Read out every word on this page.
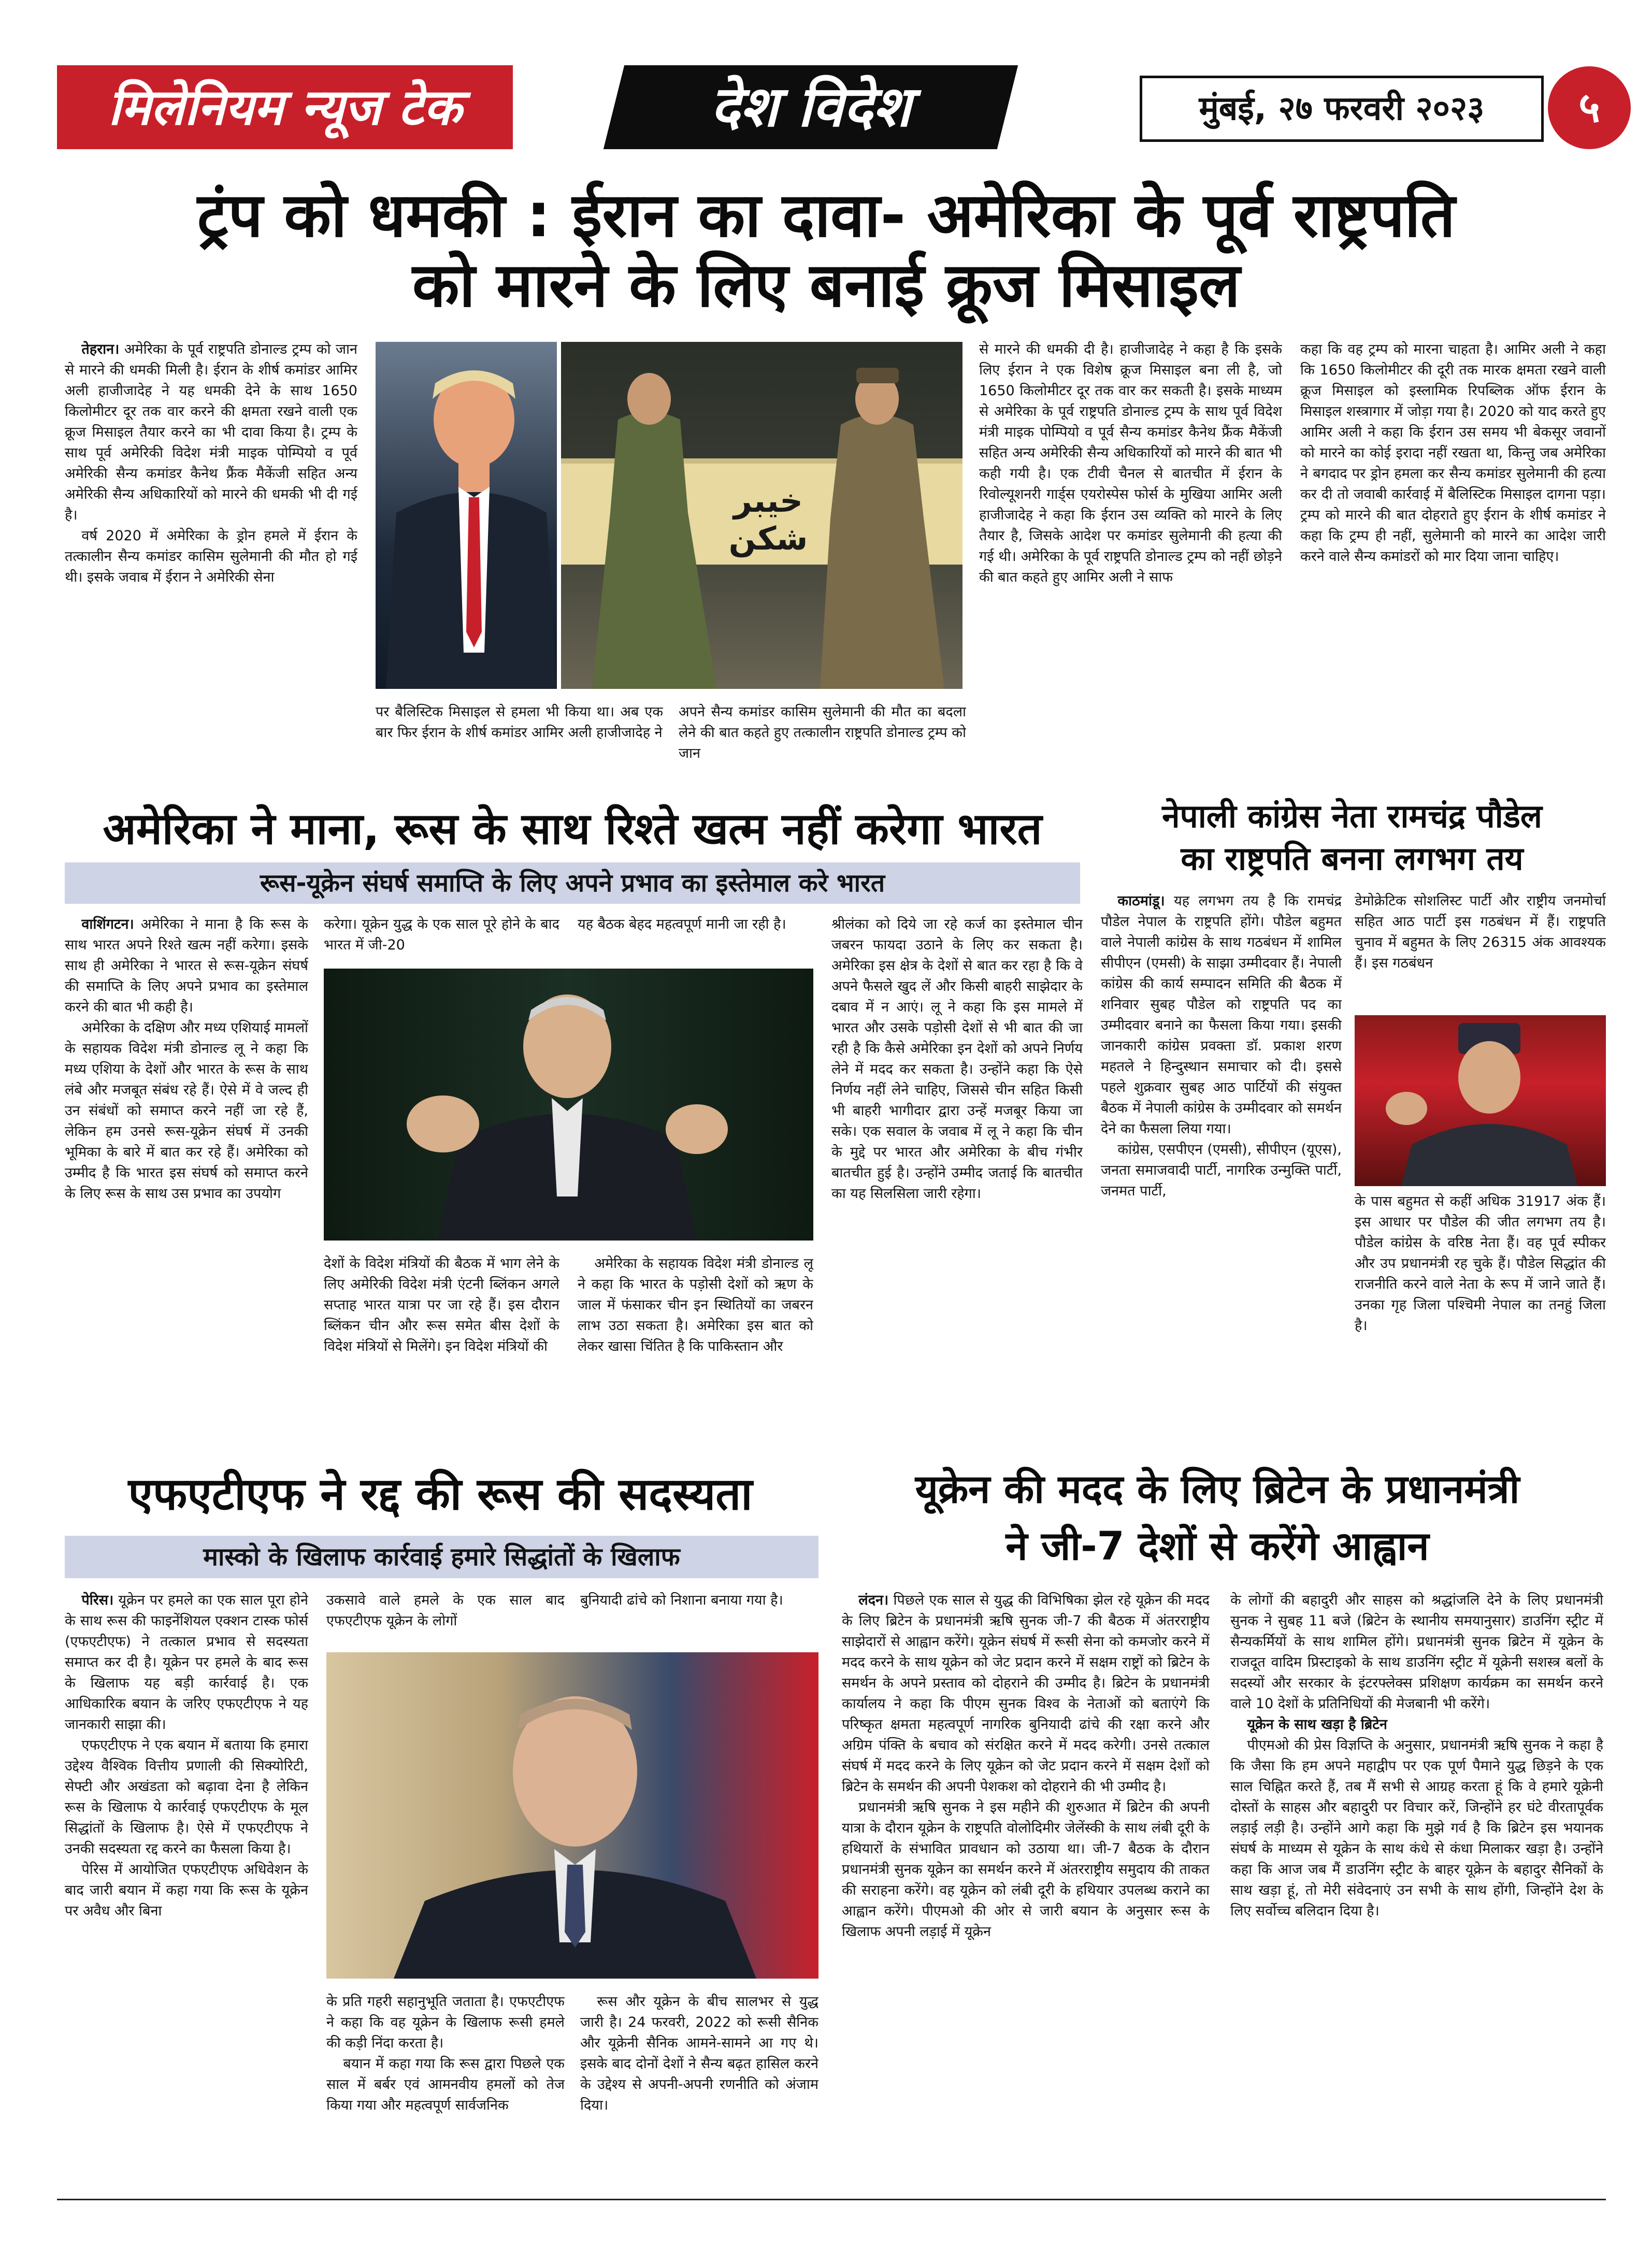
मिलेनियम न्यूज टेक	देश विदेश	मुंबई, २७ फरवरी २०२३	५
ट्रंप को धमकी : ईरान का दावा- अमेरिका के पूर्व राष्ट्रपति
को मारने के लिए बनाई क्रूज मिसाइल

तेहरान। अमेरिका के पूर्व राष्ट्रपति डोनाल्ड ट्रम्प को जान से मारने की धमकी मिली है। ईरान के शीर्ष कमांडर आमिर अली हाजीजादेह ने यह धमकी देने के साथ 1650 किलोमीटर दूर तक वार करने की क्षमता रखने वाली एक क्रूज मिसाइल तैयार करने का भी दावा किया है। ट्रम्प के साथ पूर्व अमेरिकी विदेश मंत्री माइक पोम्पियो व पूर्व अमेरिकी सैन्य कमांडर कैनेथ फ्रैंक मैकेंजी सहित अन्य अमेरिकी सैन्य अधिकारियों को मारने की धमकी भी दी गई है।

वर्ष 2020 में अमेरिका के ड्रोन हमले में ईरान के तत्कालीन सैन्य कमांडर कासिम सुलेमानी की मौत हो गई थी। इसके जवाब में ईरान ने अमेरिकी सेना

خیبر شکن

पर बैलिस्टिक मिसाइल से हमला भी किया था। अब एक बार फिर ईरान के शीर्ष कमांडर आमिर अली हाजीजादेह ने

अपने सैन्य कमांडर कासिम सुलेमानी की मौत का बदला लेने की बात कहते हुए तत्कालीन राष्ट्रपति डोनाल्ड ट्रम्प को जान

से मारने की धमकी दी है। हाजीजादेह ने कहा है कि इसके लिए ईरान ने एक विशेष क्रूज मिसाइल बना ली है, जो 1650 किलोमीटर दूर तक वार कर सकती है। इसके माध्यम से अमेरिका के पूर्व राष्ट्रपति डोनाल्ड ट्रम्प के साथ पूर्व विदेश मंत्री माइक पोम्पियो व पूर्व सैन्य कमांडर कैनेथ फ्रैंक मैकेंजी सहित अन्य अमेरिकी सैन्य अधिकारियों को मारने की बात भी कही गयी है। एक टीवी चैनल से बातचीत में ईरान के रिवोल्यूशनरी गार्ड्स एयरोस्पेस फोर्स के मुखिया आमिर अली हाजीजादेह ने कहा कि ईरान उस व्यक्ति को मारने के लिए तैयार है, जिसके आदेश पर कमांडर सुलेमानी की हत्या की गई थी। अमेरिका के पूर्व राष्ट्रपति डोनाल्ड ट्रम्प को नहीं छोड़ने की बात कहते हुए आमिर अली ने साफ

कहा कि वह ट्रम्प को मारना चाहता है। आमिर अली ने कहा कि 1650 किलोमीटर की दूरी तक मारक क्षमता रखने वाली क्रूज मिसाइल को इस्लामिक रिपब्लिक ऑफ ईरान के मिसाइल शस्त्रागार में जोड़ा गया है। 2020 को याद करते हुए आमिर अली ने कहा कि ईरान उस समय भी बेकसूर जवानों को मारने का कोई इरादा नहीं रखता था, किन्तु जब अमेरिका ने बगदाद पर ड्रोन हमला कर सैन्य कमांडर सुलेमानी की हत्या कर दी तो जवाबी कार्रवाई में बैलिस्टिक मिसाइल दागना पड़ा। ट्रम्प को मारने की बात दोहराते हुए ईरान के शीर्ष कमांडर ने कहा कि ट्रम्प ही नहीं, सुलेमानी को मारने का आदेश जारी करने वाले सैन्य कमांडरों को मार दिया जाना चाहिए।

अमेरिका ने माना, रूस के साथ रिश्ते खत्म नहीं करेगा भारत
रूस-यूक्रेन संघर्ष समाप्ति के लिए अपने प्रभाव का इस्तेमाल करे भारत

वाशिंगटन। अमेरिका ने माना है कि रूस के साथ भारत अपने रिश्ते खत्म नहीं करेगा। इसके साथ ही अमेरिका ने भारत से रूस-यूक्रेन संघर्ष की समाप्ति के लिए अपने प्रभाव का इस्तेमाल करने की बात भी कही है।

अमेरिका के दक्षिण और मध्य एशियाई मामलों के सहायक विदेश मंत्री डोनाल्ड लू ने कहा कि मध्य एशिया के देशों और भारत के रूस के साथ लंबे और मजबूत संबंध रहे हैं। ऐसे में वे जल्द ही उन संबंधों को समाप्त करने नहीं जा रहे हैं, लेकिन हम उनसे रूस-यूक्रेन संघर्ष में उनकी भूमिका के बारे में बात कर रहे हैं। अमेरिका को उम्मीद है कि भारत इस संघर्ष को समाप्त करने के लिए रूस के साथ उस प्रभाव का उपयोग

करेगा। यूक्रेन युद्ध के एक साल पूरे होने के बाद भारत में जी-20

यह बैठक बेहद महत्वपूर्ण मानी जा रही है।

देशों के विदेश मंत्रियों की बैठक में भाग लेने के लिए अमेरिकी विदेश मंत्री एंटनी ब्लिंकन अगले सप्ताह भारत यात्रा पर जा रहे हैं। इस दौरान ब्लिंकन चीन और रूस समेत बीस देशों के विदेश मंत्रियों से मिलेंगे। इन विदेश मंत्रियों की

अमेरिका के सहायक विदेश मंत्री डोनाल्ड लू ने कहा कि भारत के पड़ोसी देशों को ऋण के जाल में फंसाकर चीन इन स्थितियों का जबरन लाभ उठा सकता है। अमेरिका इस बात को लेकर खासा चिंतित है कि पाकिस्तान और

श्रीलंका को दिये जा रहे कर्ज का इस्तेमाल चीन जबरन फायदा उठाने के लिए कर सकता है।अमेरिका इस क्षेत्र के देशों से बात कर रहा है कि वे अपने फैसले खुद लें और किसी बाहरी साझेदार के दबाव में न आएं। लू ने कहा कि इस मामले में भारत और उसके पड़ोसी देशों से भी बात की जा रही है कि कैसे अमेरिका इन देशों को अपने निर्णय लेने में मदद कर सकता है। उन्होंने कहा कि ऐसे निर्णय नहीं लेने चाहिए, जिससे चीन सहित किसी भी बाहरी भागीदार द्वारा उन्हें मजबूर किया जा सके। एक सवाल के जवाब में लू ने कहा कि चीन के मुद्दे पर भारत और अमेरिका के बीच गंभीर बातचीत हुई है। उन्होंने उम्मीद जताई कि बातचीत का यह सिलसिला जारी रहेगा।

नेपाली कांग्रेस नेता रामचंद्र पौडेल
का राष्ट्रपति बनना लगभग तय

काठमांडू। यह लगभग तय है कि रामचंद्र पौडेल नेपाल के राष्ट्रपति होंगे। पौडेल बहुमत वाले नेपाली कांग्रेस के साथ गठबंधन में शामिल सीपीएन (एमसी) के साझा उम्मीदवार हैं। नेपाली कांग्रेस की कार्य सम्पादन समिति की बैठक में शनिवार सुबह पौडेल को राष्ट्रपति पद का उम्मीदवार बनाने का फैसला किया गया। इसकी जानकारी कांग्रेस प्रवक्ता डॉ. प्रकाश शरण महतले ने हिन्दुस्थान समाचार को दी। इससे पहले शुक्रवार सुबह आठ पार्टियों की संयुक्त बैठक में नेपाली कांग्रेस के उम्मीदवार को समर्थन देने का फैसला लिया गया।

कांग्रेस, एसपीएन (एमसी), सीपीएन (यूएस), जनता समाजवादी पार्टी, नागरिक उन्मुक्ति पार्टी, जनमत पार्टी,

डेमोक्रेटिक सोशलिस्ट पार्टी और राष्ट्रीय जनमोर्चा सहित आठ पार्टी इस गठबंधन में हैं। राष्ट्रपति चुनाव में बहुमत के लिए 26315 अंक आवश्यक हैं। इस गठबंधन

के पास बहुमत से कहीं अधिक 31917 अंक हैं। इस आधार पर पौडेल की जीत लगभग तय है। पौडेल कांग्रेस के वरिष्ठ नेता हैं। वह पूर्व स्पीकर और उप प्रधानमंत्री रह चुके हैं। पौडेल सिद्धांत की राजनीति करने वाले नेता के रूप में जाने जाते हैं। उनका गृह जिला पश्चिमी नेपाल का तनहुं जिला है।

एफएटीएफ ने रद्द की रूस की सदस्यता
मास्को के खिलाफ कार्रवाई हमारे सिद्धांतों के खिलाफ

पेरिस। यूक्रेन पर हमले का एक साल पूरा होने के साथ रूस की फाइनेंशियल एक्शन टास्क फोर्स (एफएटीएफ) ने तत्काल प्रभाव से सदस्यता समाप्त कर दी है। यूक्रेन पर हमले के बाद रूस के खिलाफ यह बड़ी कार्रवाई है। एक आधिकारिक बयान के जरिए एफएटीएफ ने यह जानकारी साझा की।

एफएटीएफ ने एक बयान में बताया कि हमारा उद्देश्य वैश्विक वित्तीय प्रणाली की सिक्योरिटी, सेफ्टी और अखंडता को बढ़ावा देना है लेकिन रूस के खिलाफ ये कार्रवाई एफएटीएफ के मूल सिद्धांतों के खिलाफ है। ऐसे में एफएटीएफ ने उनकी सदस्यता रद्द करने का फैसला किया है।

पेरिस में आयोजित एफएटीएफ अधिवेशन के बाद जारी बयान में कहा गया कि रूस के यूक्रेन पर अवैध और बिना

उकसावे वाले हमले के एक साल बाद एफएटीएफ यूक्रेन के लोगों

बुनियादी ढांचे को निशाना बनाया गया है।

के प्रति गहरी सहानुभूति जताता है। एफएटीएफ ने कहा कि वह यूक्रेन के खिलाफ रूसी हमले की कड़ी निंदा करता है।

बयान में कहा गया कि रूस द्वारा पिछले एक साल में बर्बर एवं आमनवीय हमलों को तेज किया गया और महत्वपूर्ण सार्वजनिक

रूस और यूक्रेन के बीच सालभर से युद्ध जारी है। 24 फरवरी, 2022 को रूसी सैनिक और यूक्रेनी सैनिक आमने-सामने आ गए थे। इसके बाद दोनों देशों ने सैन्य बढ़त हासिल करने के उद्देश्य से अपनी-अपनी रणनीति को अंजाम दिया।

यूक्रेन की मदद के लिए ब्रिटेन के प्रधानमंत्री
ने जी-7 देशों से करेंगे आह्वान

लंदन। पिछले एक साल से युद्ध की विभिषिका झेल रहे यूक्रेन की मदद के लिए ब्रिटेन के प्रधानमंत्री ऋषि सुनक जी-7 की बैठक में अंतरराष्ट्रीय साझेदारों से आह्वान करेंगे। यूक्रेन संघर्ष में रूसी सेना को कमजोर करने में मदद करने के साथ यूक्रेन को जेट प्रदान करने में सक्षम राष्ट्रों को ब्रिटेन के समर्थन के अपने प्रस्ताव को दोहराने की उम्मीद है। ब्रिटेन के प्रधानमंत्री कार्यालय ने कहा कि पीएम सुनक विश्व के नेताओं को बताएंगे कि परिष्कृत क्षमता महत्वपूर्ण नागरिक बुनियादी ढांचे की रक्षा करने और अग्रिम पंक्ति के बचाव को संरक्षित करने में मदद करेगी। उनसे तत्काल संघर्ष में मदद करने के लिए यूक्रेन को जेट प्रदान करने में सक्षम देशों को ब्रिटेन के समर्थन की अपनी पेशकश को दोहराने की भी उम्मीद है।

प्रधानमंत्री ऋषि सुनक ने इस महीने की शुरुआत में ब्रिटेन की अपनी यात्रा के दौरान यूक्रेन के राष्ट्रपति वोलोदिमीर जेलेंस्की के साथ लंबी दूरी के हथियारों के संभावित प्रावधान को उठाया था। जी-7 बैठक के दौरान प्रधानमंत्री सुनक यूक्रेन का समर्थन करने में अंतरराष्ट्रीय समुदाय की ताकत की सराहना करेंगे। वह यूक्रेन को लंबी दूरी के हथियार उपलब्ध कराने का आह्वान करेंगे। पीएमओ की ओर से जारी बयान के अनुसार रूस के खिलाफ अपनी लड़ाई में यूक्रेन

के लोगों की बहादुरी और साहस को श्रद्धांजलि देने के लिए प्रधानमंत्री सुनक ने सुबह 11 बजे (ब्रिटेन के स्थानीय समयानुसार) डाउनिंग स्ट्रीट में सैन्यकर्मियों के साथ शामिल होंगे। प्रधानमंत्री सुनक ब्रिटेन में यूक्रेन के राजदूत वादिम प्रिस्टाइको के साथ डाउनिंग स्ट्रीट में यूक्रेनी सशस्त्र बलों के सदस्यों और सरकार के इंटरफ्लेक्स प्रशिक्षण कार्यक्रम का समर्थन करने वाले 10 देशों के प्रतिनिधियों की मेजबानी भी करेंगे।

यूक्रेन के साथ खड़ा है ब्रिटेन

पीएमओ की प्रेस विज्ञप्ति के अनुसार, प्रधानमंत्री ऋषि सुनक ने कहा है कि जैसा कि हम अपने महाद्वीप पर एक पूर्ण पैमाने युद्ध छिड़ने के एक साल चिह्नित करते हैं, तब मैं सभी से आग्रह करता हूं कि वे हमारे यूक्रेनी दोस्तों के साहस और बहादुरी पर विचार करें, जिन्होंने हर घंटे वीरतापूर्वक लड़ाई लड़ी है। उन्होंने आगे कहा कि मुझे गर्व है कि ब्रिटेन इस भयानक संघर्ष के माध्यम से यूक्रेन के साथ कंधे से कंधा मिलाकर खड़ा है। उन्होंने कहा कि आज जब मैं डाउनिंग स्ट्रीट के बाहर यूक्रेन के बहादुर सैनिकों के साथ खड़ा हूं, तो मेरी संवेदनाएं उन सभी के साथ होंगी, जिन्होंने देश के लिए सर्वोच्च बलिदान दिया है।
